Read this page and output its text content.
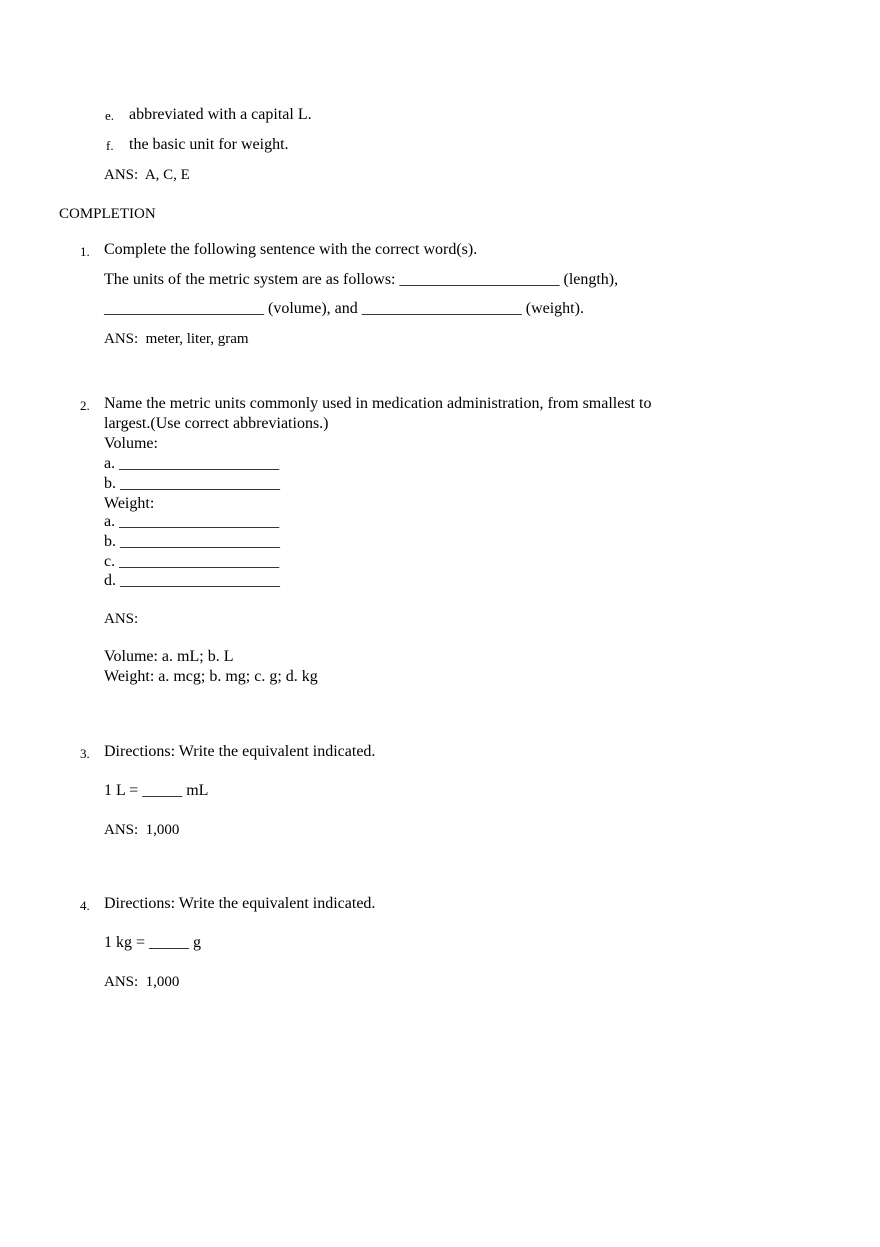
e. abbreviated with a capital L.
f. the basic unit for weight.
ANS:  A, C, E
COMPLETION
1. Complete the following sentence with the correct word(s).
The units of the metric system are as follows: ____________________ (length),
____________________ (volume), and ____________________ (weight).
ANS:  meter, liter, gram
2. Name the metric units commonly used in medication administration, from smallest to
largest.(Use correct abbreviations.)
Volume:
a. ____________________
b. ____________________
Weight:
a. ____________________
b. ____________________
c. ____________________
d. ____________________
ANS:
Volume: a. mL; b. L
Weight: a. mcg; b. mg; c. g; d. kg
3. Directions: Write the equivalent indicated.
1 L = _____ mL
ANS:  1,000
4. Directions: Write the equivalent indicated.
1 kg = _____ g
ANS:  1,000
